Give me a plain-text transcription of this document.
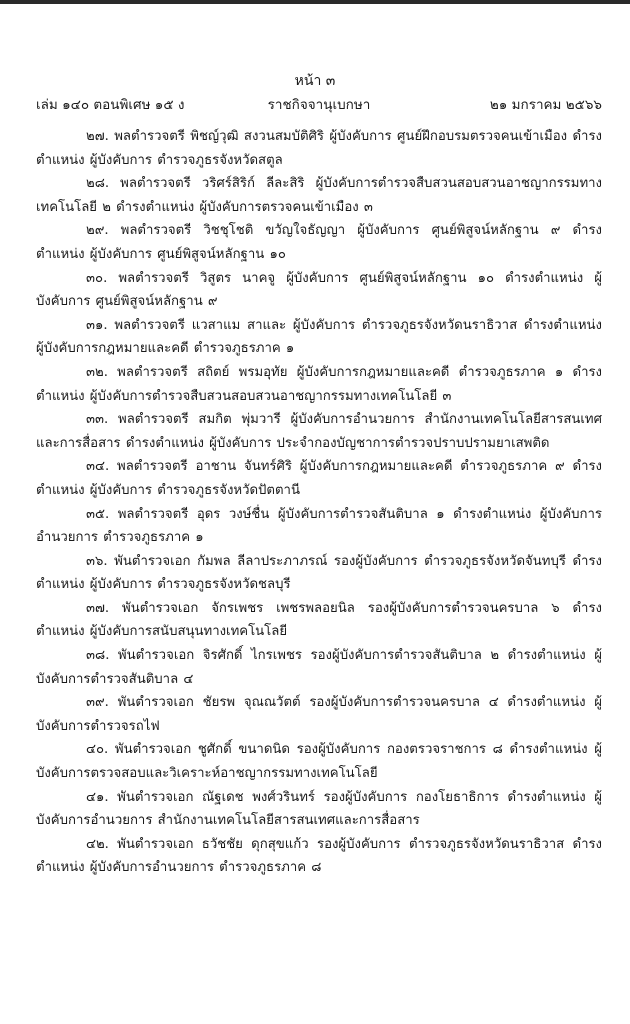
หน้า ๓
เล่ม ๑๔๐ ตอนพิเศษ ๑๕ ง	ราชกิจจานุเบกษา	๒๑ มกราคม ๒๕๖๖

๒๗. พลตำรวจตรี พิชญ์วุฒิ สงวนสมบัติศิริ ผู้บังคับการ ศูนย์ฝึกอบรมตรวจคนเข้าเมือง ดำรงตำแหน่ง ผู้บังคับการ ตำรวจภูธรจังหวัดสตูล

๒๘. พลตำรวจตรี วริศร์สิริก์ ลีละสิริ ผู้บังคับการตำรวจสืบสวนสอบสวนอาชญากรรมทางเทคโนโลยี ๒ ดำรงตำแหน่ง ผู้บังคับการตรวจคนเข้าเมือง ๓

๒๙. พลตำรวจตรี วิชชุโชติ ขวัญใจธัญญา ผู้บังคับการ ศูนย์พิสูจน์หลักฐาน ๙ ดำรงตำแหน่ง ผู้บังคับการ ศูนย์พิสูจน์หลักฐาน ๑๐

๓๐. พลตำรวจตรี วิสูตร นาคจู ผู้บังคับการ ศูนย์พิสูจน์หลักฐาน ๑๐ ดำรงตำแหน่ง ผู้บังคับการ ศูนย์พิสูจน์หลักฐาน ๙

๓๑. พลตำรวจตรี แวสาแม สาและ ผู้บังคับการ ตำรวจภูธรจังหวัดนราธิวาส ดำรงตำแหน่ง ผู้บังคับการกฎหมายและคดี ตำรวจภูธรภาค ๑

๓๒. พลตำรวจตรี สถิตย์ พรมอุทัย ผู้บังคับการกฎหมายและคดี ตำรวจภูธรภาค ๑ ดำรงตำแหน่ง ผู้บังคับการตำรวจสืบสวนสอบสวนอาชญากรรมทางเทคโนโลยี ๓

๓๓. พลตำรวจตรี สมกิต พุ่มวารี ผู้บังคับการอำนวยการ สำนักงานเทคโนโลยีสารสนเทศและการสื่อสาร ดำรงตำแหน่ง ผู้บังคับการ ประจำกองบัญชาการตำรวจปราบปรามยาเสพติด

๓๔. พลตำรวจตรี อาชาน จันทร์ศิริ ผู้บังคับการกฎหมายและคดี ตำรวจภูธรภาค ๙ ดำรงตำแหน่ง ผู้บังคับการ ตำรวจภูธรจังหวัดปัตตานี

๓๕. พลตำรวจตรี อุดร วงษ์ชื่น ผู้บังคับการตำรวจสันติบาล ๑ ดำรงตำแหน่ง ผู้บังคับการอำนวยการ ตำรวจภูธรภาค ๑

๓๖. พันตำรวจเอก กัมพล ลีลาประภาภรณ์ รองผู้บังคับการ ตำรวจภูธรจังหวัดจันทบุรี ดำรงตำแหน่ง ผู้บังคับการ ตำรวจภูธรจังหวัดชลบุรี

๓๗. พันตำรวจเอก จักรเพชร เพชรพลอยนิล รองผู้บังคับการตำรวจนครบาล ๖ ดำรงตำแหน่ง ผู้บังคับการสนับสนุนทางเทคโนโลยี

๓๘. พันตำรวจเอก จิรศักดิ์ ไกรเพชร รองผู้บังคับการตำรวจสันติบาล ๒ ดำรงตำแหน่ง ผู้บังคับการตำรวจสันติบาล ๔

๓๙. พันตำรวจเอก ชัยรพ จุณณวัตต์ รองผู้บังคับการตำรวจนครบาล ๔ ดำรงตำแหน่ง ผู้บังคับการตำรวจรถไฟ

๔๐. พันตำรวจเอก ชูศักดิ์ ขนาดนิด รองผู้บังคับการ กองตรวจราชการ ๘ ดำรงตำแหน่ง ผู้บังคับการตรวจสอบและวิเคราะห์อาชญากรรมทางเทคโนโลยี

๔๑. พันตำรวจเอก ณัฐเดช พงศ์วรินทร์ รองผู้บังคับการ กองโยธาธิการ ดำรงตำแหน่ง ผู้บังคับการอำนวยการ สำนักงานเทคโนโลยีสารสนเทศและการสื่อสาร

๔๒. พันตำรวจเอก ธวัชชัย ดุกสุขแก้ว รองผู้บังคับการ ตำรวจภูธรจังหวัดนราธิวาส ดำรงตำแหน่ง ผู้บังคับการอำนวยการ ตำรวจภูธรภาค ๘
